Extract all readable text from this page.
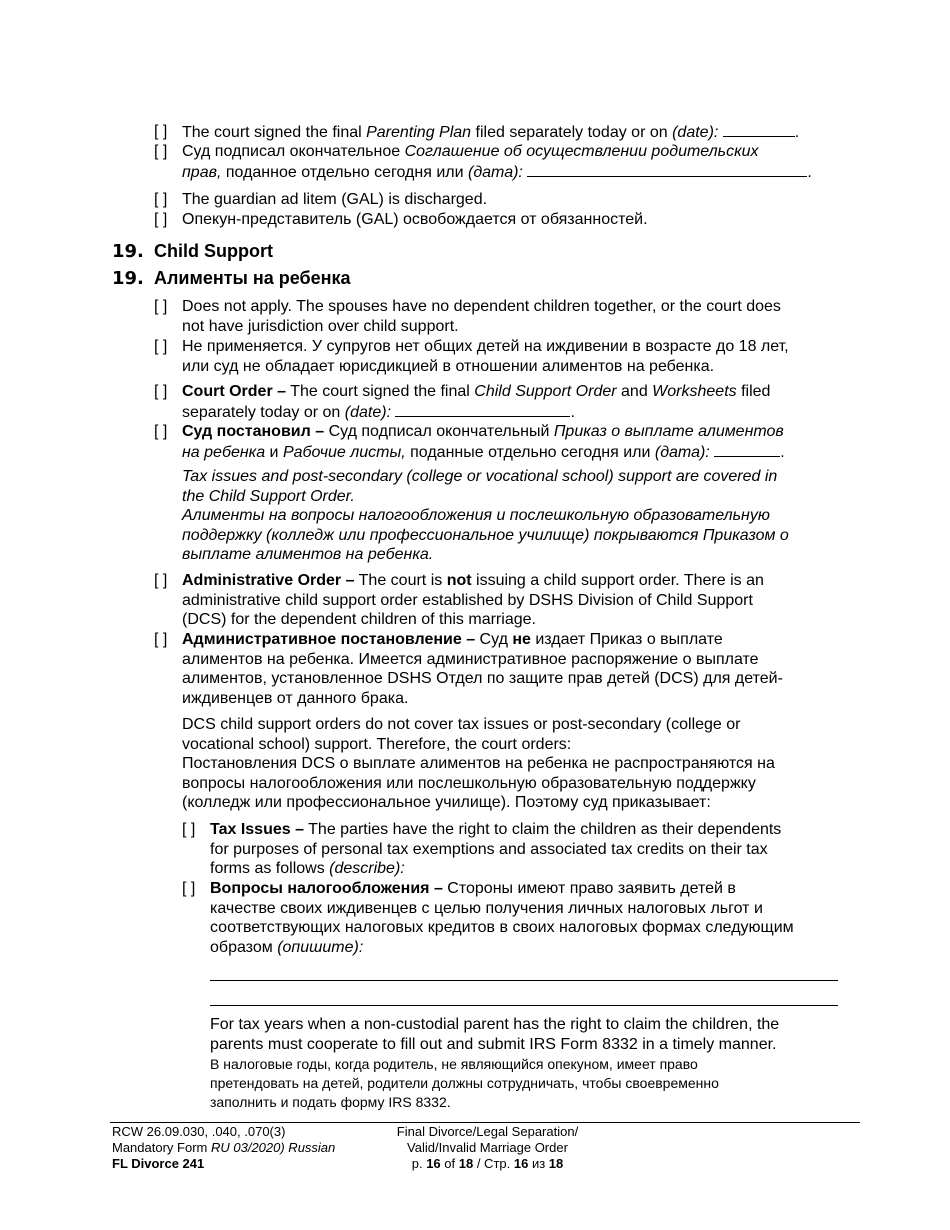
[ ] The court signed the final Parenting Plan filed separately today or on (date):	.
[ ] Суд подписал окончательное Соглашение об осуществлении родительских
прав, поданное отдельно сегодня или (дата):	.
[ ] The guardian ad litem (GAL) is discharged.
[ ] Опекун-представитель (GAL) освобождается от обязанностей.
19. Child Support
19. Алименты на ребенка
[ ] Does not apply. The spouses have no dependent children together, or the court does
not have jurisdiction over child support.
[ ] Не применяется. У супругов нет общих детей на иждивении в возрасте до 18 лет,
или суд не обладает юрисдикцией в отношении алиментов на ребенка.
[ ] Court Order – The court signed the final Child Support Order and Worksheets filed
separately today or on (date):	.
[ ] Суд постановил – Суд подписал окончательный Приказ о выплате алиментов
на ребенка и Рабочие листы, поданные отдельно сегодня или (дата):	.
Tax issues and post-secondary (college or vocational school) support are covered in
the Child Support Order.
Алименты на вопросы налогообложения и послешкольную образовательную
поддержку (колледж или профессиональное училище) покрываются Приказом о
выплате алиментов на ребенка.
[ ] Administrative Order – The court is not issuing a child support order. There is an
administrative child support order established by DSHS Division of Child Support
(DCS) for the dependent children of this marriage.
[ ] Административное постановление – Суд не издает Приказ о выплате
алиментов на ребенка. Имеется административное распоряжение о выплате
алиментов, установленное DSHS Отдел по защите прав детей (DCS) для детей-
иждивенцев от данного брака.
DCS child support orders do not cover tax issues or post-secondary (college or
vocational school) support. Therefore, the court orders:
Постановления DCS о выплате алиментов на ребенка не распространяются на
вопросы налогообложения или послешкольную образовательную поддержку
(колледж или профессиональное училище). Поэтому суд приказывает:
[ ] Tax Issues – The parties have the right to claim the children as their dependents
for purposes of personal tax exemptions and associated tax credits on their tax
forms as follows (describe):
[ ] Вопросы налогообложения – Стороны имеют право заявить детей в
качестве своих иждивенцев с целью получения личных налоговых льгот и
соответствующих налоговых кредитов в своих налоговых формах следующим
образом (опишите):
For tax years when a non-custodial parent has the right to claim the children, the
parents must cooperate to fill out and submit IRS Form 8332 in a timely manner.
В налоговые годы, когда родитель, не являющийся опекуном, имеет право
претендовать на детей, родители должны сотрудничать, чтобы своевременно
заполнить и подать форму IRS 8332.
RCW 26.09.030, .040, .070(3)
Mandatory Form RU 03/2020) Russian
FL Divorce 241
Final Divorce/Legal Separation/
Valid/Invalid Marriage Order
p. 16 of 18 / Стр. 16 из 18
